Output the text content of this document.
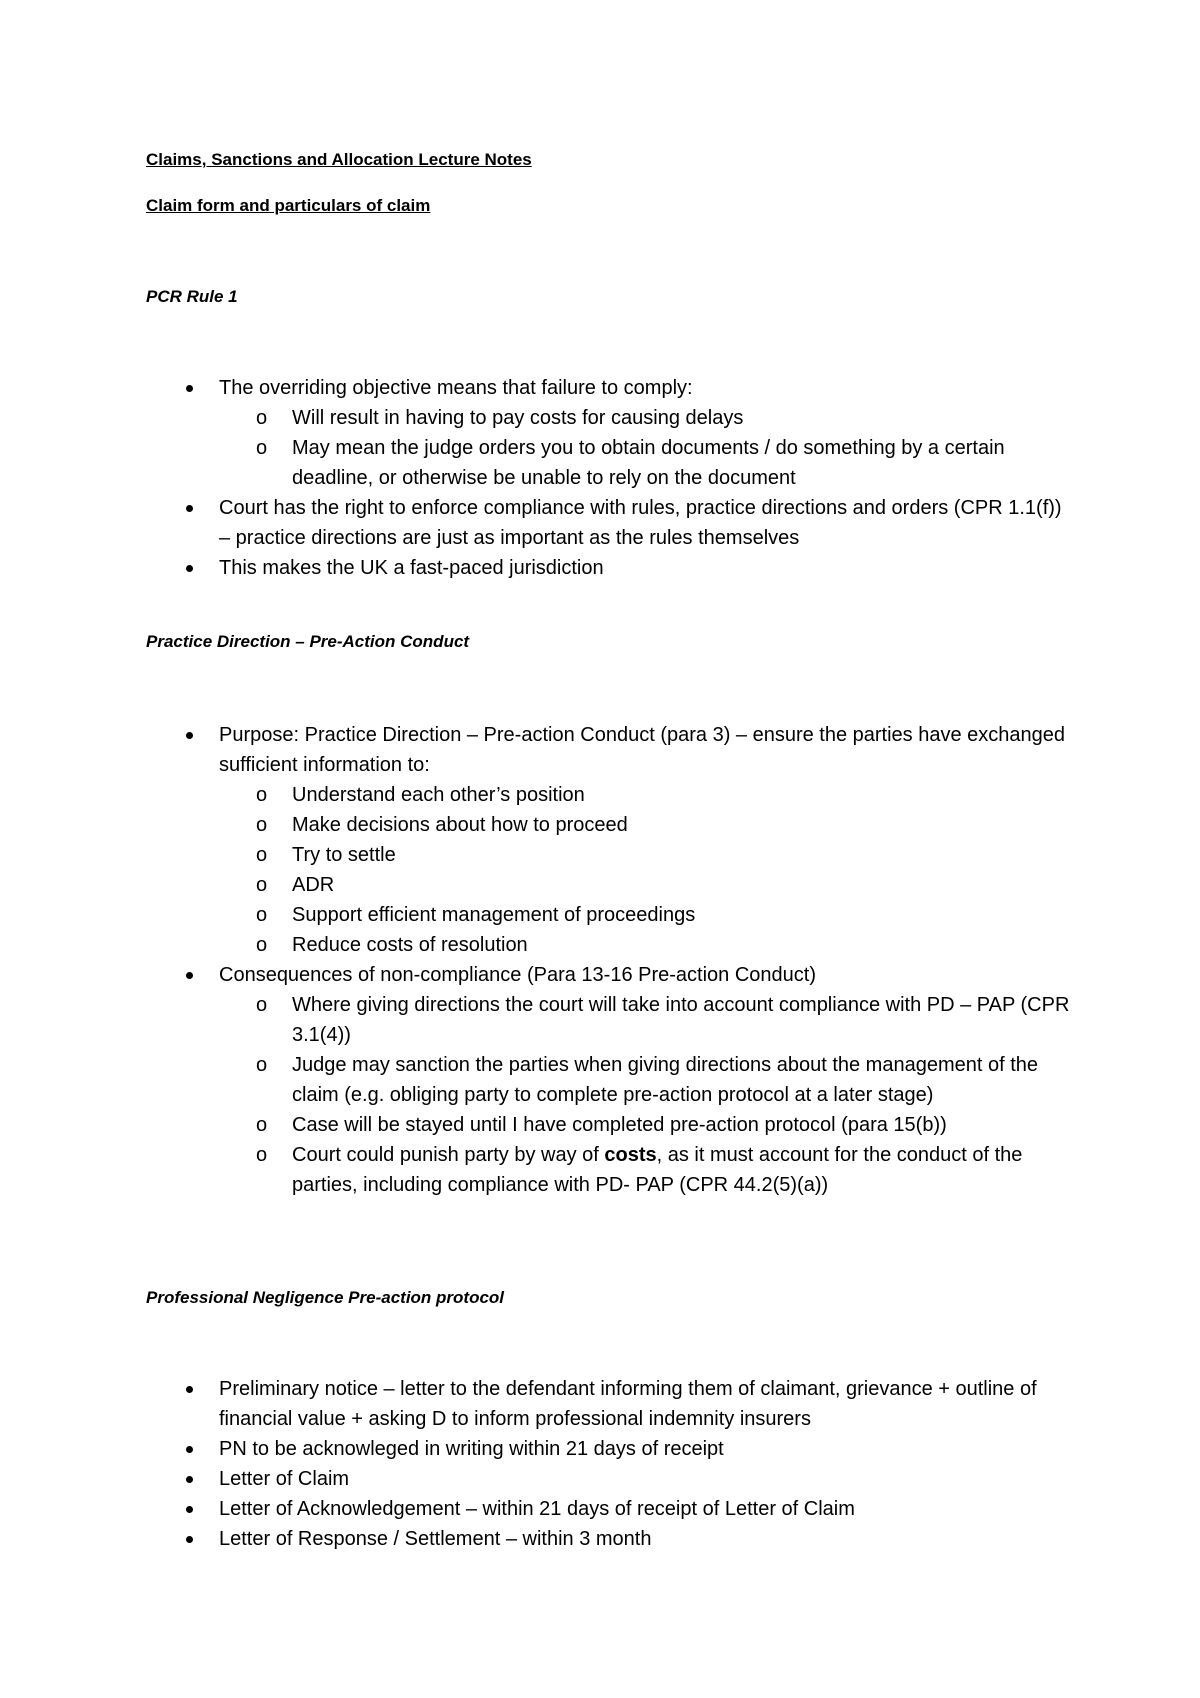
Claims, Sanctions and Allocation Lecture Notes
Claim form and particulars of claim
PCR Rule 1
The overriding objective means that failure to comply:
o Will result in having to pay costs for causing delays
o May mean the judge orders you to obtain documents / do something by a certain deadline, or otherwise be unable to rely on the document
Court has the right to enforce compliance with rules, practice directions and orders (CPR 1.1(f)) – practice directions are just as important as the rules themselves
This makes the UK a fast-paced jurisdiction
Practice Direction – Pre-Action Conduct
Purpose: Practice Direction – Pre-action Conduct (para 3) – ensure the parties have exchanged sufficient information to:
o Understand each other’s position
o Make decisions about how to proceed
o Try to settle
o ADR
o Support efficient management of proceedings
o Reduce costs of resolution
Consequences of non-compliance (Para 13-16 Pre-action Conduct)
o Where giving directions the court will take into account compliance with PD – PAP (CPR 3.1(4))
o Judge may sanction the parties when giving directions about the management of the claim (e.g. obliging party to complete pre-action protocol at a later stage)
o Case will be stayed until I have completed pre-action protocol (para 15(b))
o Court could punish party by way of costs, as it must account for the conduct of the parties, including compliance with PD- PAP (CPR 44.2(5)(a))
Professional Negligence Pre-action protocol
Preliminary notice – letter to the defendant informing them of claimant, grievance + outline of financial value + asking D to inform professional indemnity insurers
PN to be acknowleged in writing within 21 days of receipt
Letter of Claim
Letter of Acknowledgement – within 21 days of receipt of Letter of Claim
Letter of Response / Settlement – within 3 month
